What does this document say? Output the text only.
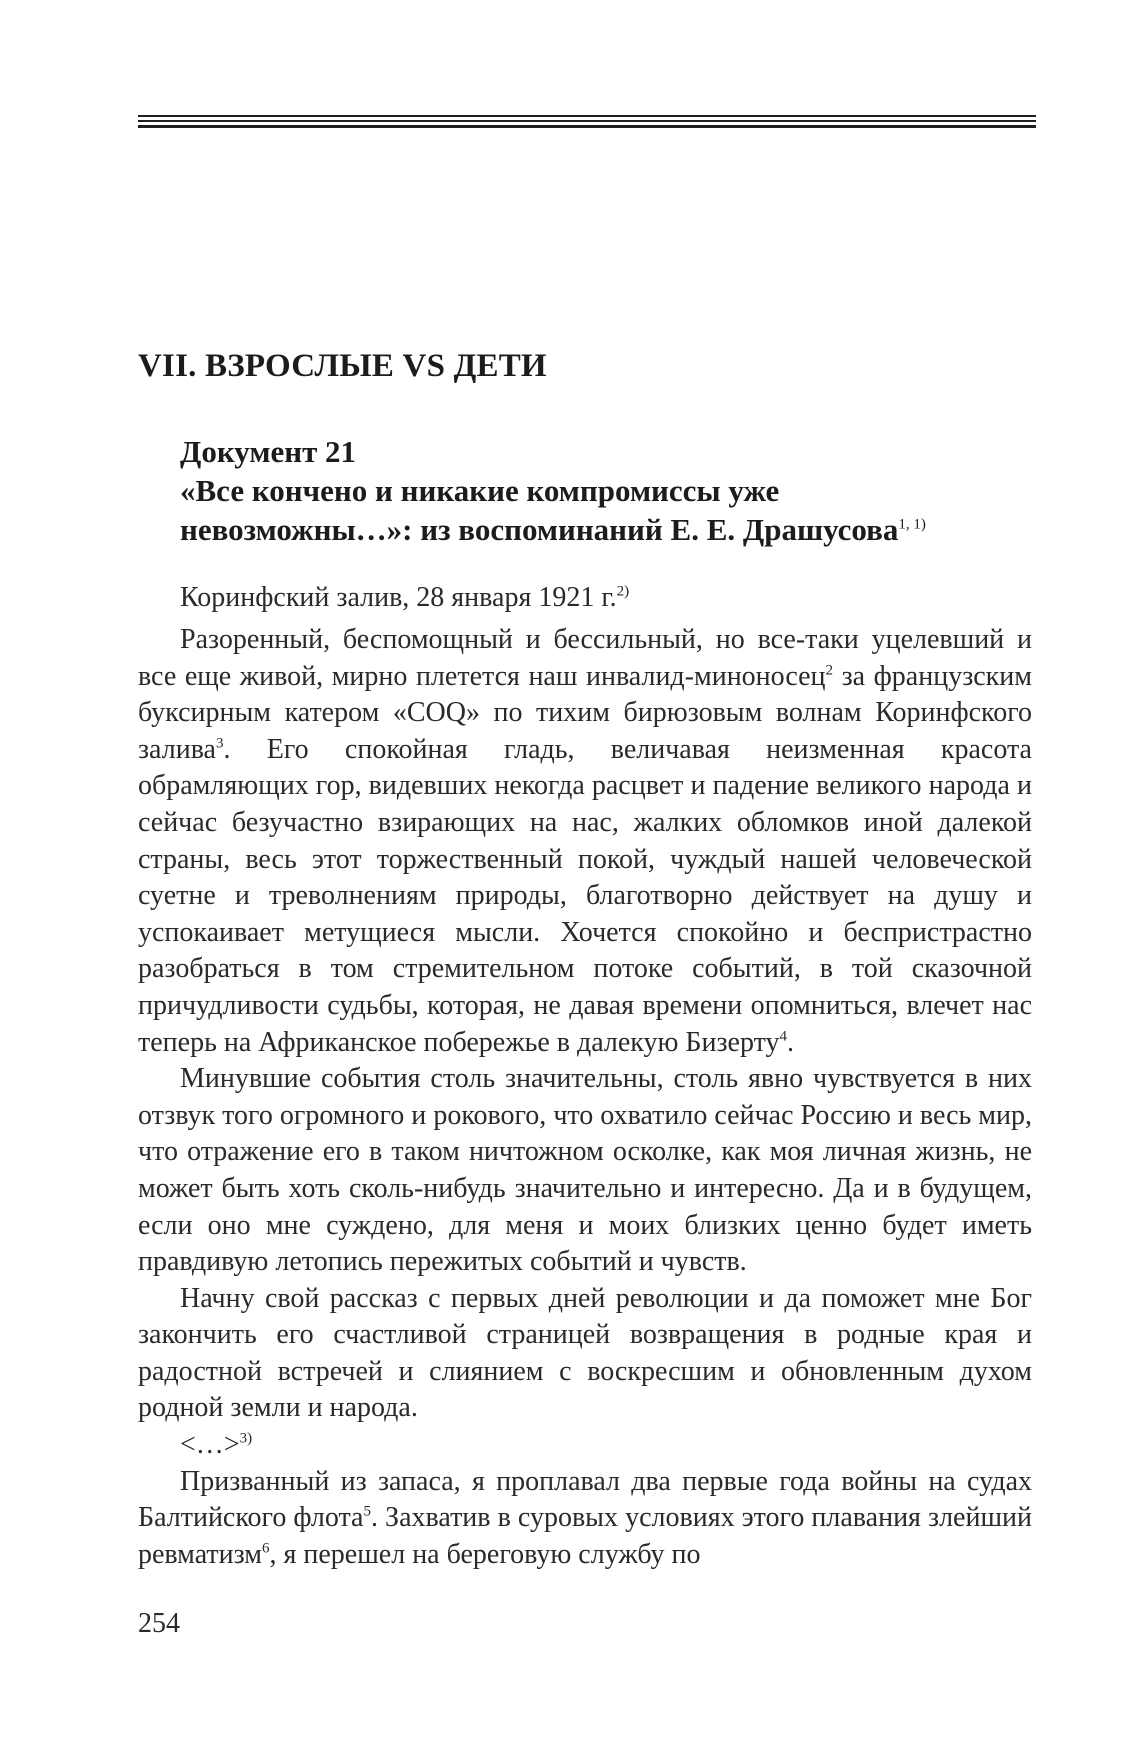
VII. ВЗРОСЛЫЕ VS ДЕТИ
Документ 21
«Все кончено и никакие компромиссы уже
невозможны…»: из воспоминаний Е. Е. Драшусова$^{1, 1)}$

Коринфский залив, 28 января 1921 г.$^{2)}$

Разоренный, беспомощный и бессильный, но все-таки уцелевший и все еще живой, мирно плетется наш инвалид-миноносец$^2$ за французским буксирным катером «COQ» по тихим бирюзовым волнам Коринфского залива$^3$. Его спокойная гладь, величавая неизменная красота обрамляющих гор, видевших некогда расцвет и падение великого народа и сейчас безучастно взирающих на нас, жалких обломков иной далекой страны, весь этот торжественный покой, чуждый нашей человеческой суетне и треволнениям природы, благотворно действует на душу и успокаивает метущиеся мысли. Хочется спокойно и беспристрастно разобраться в том стремительном потоке событий, в той сказочной причудливости судьбы, которая, не давая времени опомниться, влечет нас теперь на Африканское побережье в далекую Бизерту$^4$.

Минувшие события столь значительны, столь явно чувствуется в них отзвук того огромного и рокового, что охватило сейчас Россию и весь мир, что отражение его в таком ничтожном осколке, как моя личная жизнь, не может быть хоть сколь-нибудь значительно и интересно. Да и в будущем, если оно мне суждено, для меня и моих близких ценно будет иметь правдивую летопись пережитых событий и чувств.

Начну свой рассказ с первых дней революции и да поможет мне Бог закончить его счастливой страницей возвращения в родные края и радостной встречей и слиянием с воскресшим и обновленным духом родной земли и народа.

<…>$^{3)}$

Призванный из запаса, я проплавал два первые года войны на судах Балтийского флота$^5$. Захватив в суровых условиях этого плавания злейший ревматизм$^6$, я перешел на береговую службу по

254
